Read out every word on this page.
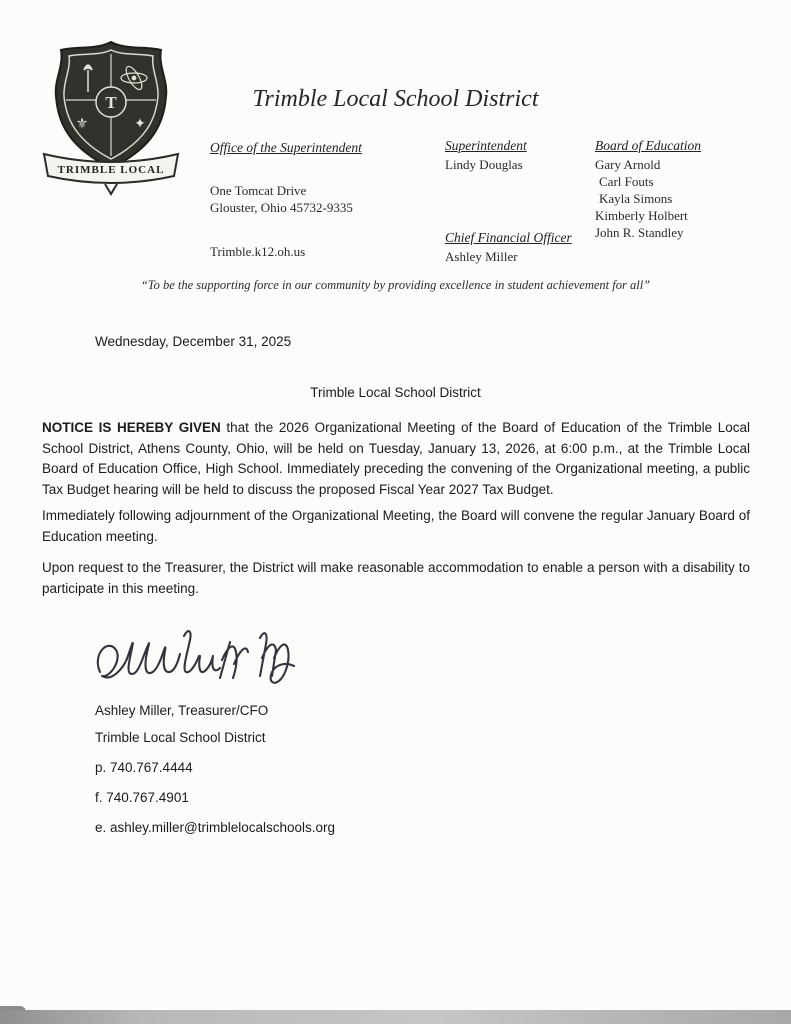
⚜	✦
T
TRIMBLE LOCAL
Trimble Local School District
Office of the Superintendent
One Tomcat Drive
Glouster, Ohio 45732-9335
Trimble.k12.oh.us
Superintendent
Lindy Douglas
Chief Financial Officer
Ashley Miller
Board of Education
Gary Arnold
Carl Fouts
Kayla Simons
Kimberly Holbert
John R. Standley
“To be the supporting force in our community by providing excellence in student achievement for all”
Wednesday, December 31, 2025
Trimble Local School District
NOTICE IS HEREBY GIVEN that the 2026 Organizational Meeting of the Board of Education of the Trimble Local School District, Athens County, Ohio, will be held on Tuesday, January 13, 2026, at 6:00 p.m., at the Trimble Local Board of Education Office, High School. Immediately preceding the convening of the Organizational meeting, a public Tax Budget hearing will be held to discuss the proposed Fiscal Year 2027 Tax Budget.
Immediately following adjournment of the Organizational Meeting, the Board will convene the regular January Board of Education meeting.
Upon request to the Treasurer, the District will make reasonable accommodation to enable a person with a disability to participate in this meeting.
Ashley Miller, Treasurer/CFO
Trimble Local School District
p. 740.767.4444
f. 740.767.4901
e. ashley.miller@trimblelocalschools.org
